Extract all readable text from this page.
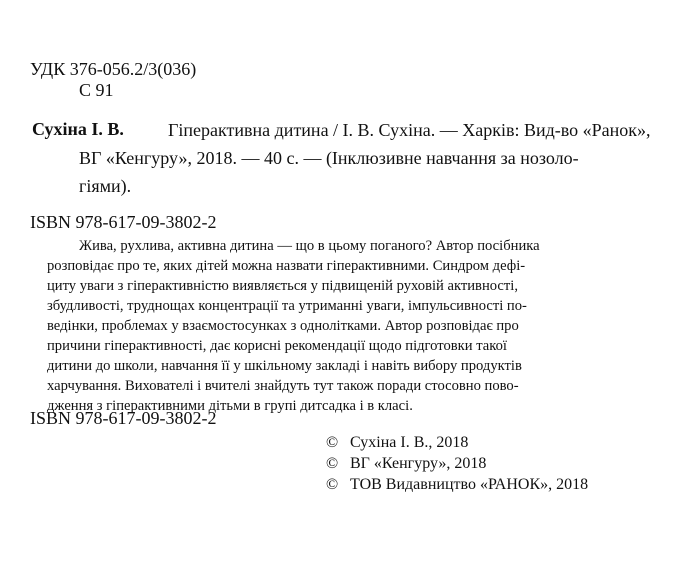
УДК 376-056.2/3(036)
С 91
Сухіна І. В. Гіперактивна дитина / І. В. Сухіна. — Харків: Вид-во «Ранок»,
ВГ «Кенгуру», 2018. — 40 с. — (Інклюзивне навчання за нозоло-
гіями).
ISBN 978-617-09-3802-2
Жива, рухлива, активна дитина — що в цьому поганого? Автор посібника
розповідає про те, яких дітей можна назвати гіперактивними. Синдром дефі-
циту уваги з гіперактивністю виявляється у підвищеній руховій активності,
збудливості, труднощах концентрації та утриманні уваги, імпульсивності по-
ведінки, проблемах у взаємостосунках з однолітками. Автор розповідає про
причини гіперактивності, дає корисні рекомендації щодо підготовки такої
дитини до школи, навчання її у шкільному закладі і навіть вибору продуктів
харчування. Вихователі і вчителі знайдуть тут також поради стосовно пово-
дження з гіперактивними дітьми в групі дитсадка і в класі.
ISBN 978-617-09-3802-2
© Сухіна І. В., 2018
© ВГ «Кенгуру», 2018
© ТОВ Видавництво «РАНОК», 2018
